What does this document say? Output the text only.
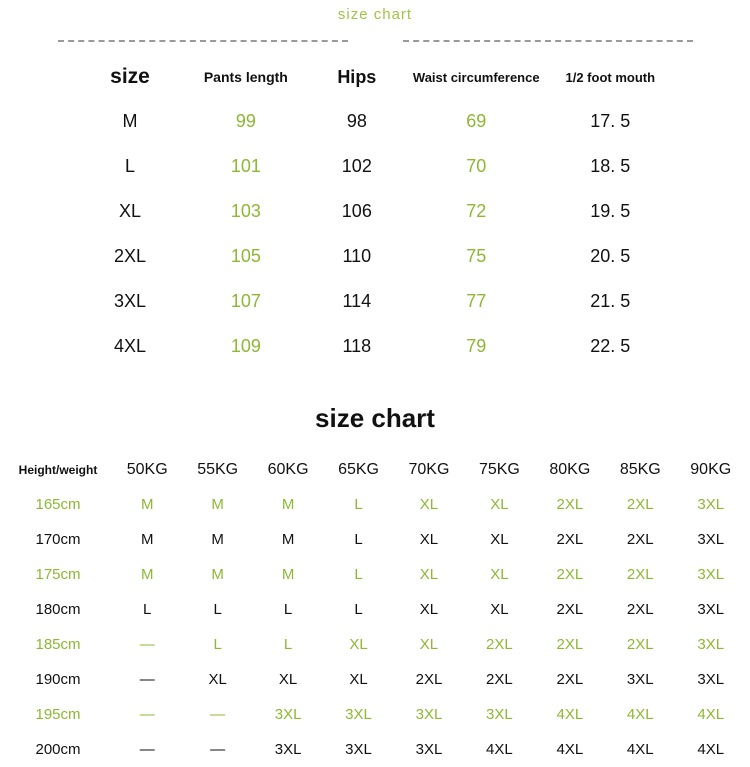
size chart
size	Pants length	Hips	Waist circumference	1/2 foot mouth
M	99	98	69	17. 5
L	101	102	70	18. 5
XL	103	106	72	19. 5
2XL	105	110	75	20. 5
3XL	107	114	77	21. 5
4XL	109	118	79	22. 5
size chart
Height/weight	50KG	55KG	60KG	65KG	70KG	75KG	80KG	85KG	90KG
165cm	M	M	M	L	XL	XL	2XL	2XL	3XL
170cm	M	M	M	L	XL	XL	2XL	2XL	3XL
175cm	M	M	M	L	XL	XL	2XL	2XL	3XL
180cm	L	L	L	L	XL	XL	2XL	2XL	3XL
185cm	—	L	L	XL	XL	2XL	2XL	2XL	3XL
190cm	—	XL	XL	XL	2XL	2XL	2XL	3XL	3XL
195cm	—	—	3XL	3XL	3XL	3XL	4XL	4XL	4XL
200cm	—	—	3XL	3XL	3XL	4XL	4XL	4XL	4XL
